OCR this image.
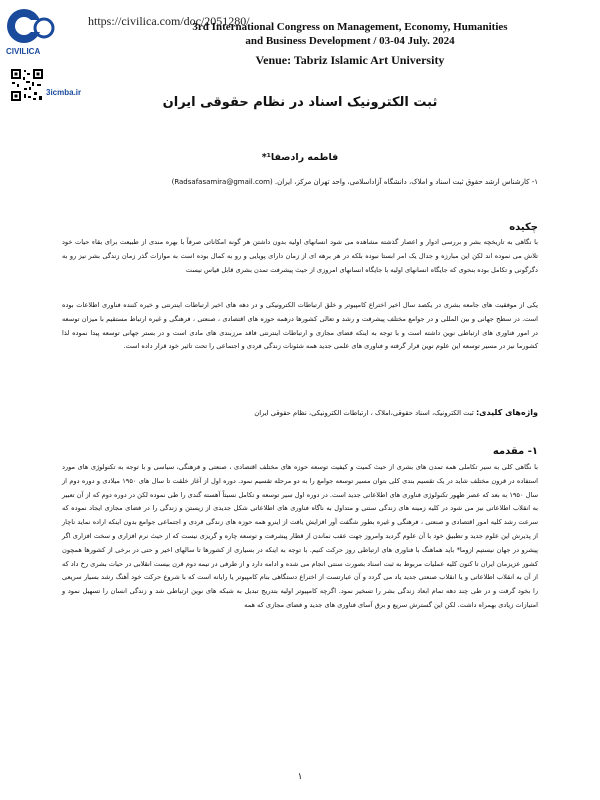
https://civilica.com/doc/2051280/
3rd International Congress on Management, Economy, Humanities
and Business Development / 03-04 July. 2024
Venue: Tabriz Islamic Art University
CIVILICA
3icmba.ir
ثبت الکترونیک اسناد در نظام حقوقی ایران
فاطمه رادصفا¹*
۱- کارشناس ارشد حقوق ثبت اسناد و املاک، دانشگاه آزاداسلامی، واحد تهران مرکز، ایران. (Radsafasamira@gmail.com)
چکیده
با نگاهی به تاریخچه بشر و بررسی ادوار و اعصار گذشته مشاهده می شود انسانهای اولیه بدون داشتن هر گونه امکاناتی صرفاً با بهره مندی از طبیعت برای بقاء حیات خود تلاش می نموده اند لکن این مبارزه و جدال یک امر ابستا نبوده بلکه در هر برهه ای از زمان دارای پویایی و رو به کمال بوده است به موازات گذر زمان زندگی بشر نیز رو به دگرگونی و تکامل بوده بنحوی که جایگاه انسانهای اولیه با جایگاه انسانهای امروزی از حیث پیشرفت تمدن بشری قابل قیاس نیست
یکی از موفقیت های جامعه بشری در یکصد سال اخیر اختراع کامپیوتر و خلق ارتباطات الکترونیکی و در دهه های اخیر ارتباطات اینترنتی و خیره کننده فناوری اطلاعات بوده است. در سطح جهانی و بین المللی و در جوامع مختلف پیشرفت و رشد و تعالی کشورها درهمه حوزه های اقتصادی ، صنعتی ، فرهنگی و غیره ارتباط مستقیم با میزان توسعه در امور فناوری های ارتباطی نوین داشته است و با توجه به اینکه فضای مجازی و ارتباطات اینترنتی فاقد مرزبندی های مادی است و در بستر جهانی توسعه پیدا نموده لذا کشورما نیز در مسیر توسعه این علوم نوین قرار گرفته و فناوری های علمی جدید همه شئونات زندگی فردی و اجتماعی را تحت تاثیر خود قرار داده است.
واژه‌های کلیدی: ثبت الکترونیک، اسناد حقوقی،املاک ، ارتباطات الکترونیکی، نظام حقوقی ایران
۱- مقدمه
با نگاهی کلی به سیر تکاملی همه تمدن های بشری از حیث کمیت و کیفیت توسعه حوزه های مختلف اقتصادی ، صنعتی و فرهنگی، سیاسی و با توجه به تکنولوژی های مورد استفاده در قرون مختلف شاید در یک تقسیم بندی کلی بتوان مسیر توسعه جوامع را به دو مرحله تقسیم نمود. دوره اول از آغاز خلقت تا سال های ۱۹۵۰ میلادی و دوره دوم از سال ۱۹۵۰ به بعد که عصر ظهور تکنولوژی فناوری های اطلاعاتی جدید است. در دوره اول سیر توسعه و تکامل نسبتاً آهسته گندی را طی نموده لکن در دوره دوم که از آن تعبیر به انقلاب اطلاعاتی نیز می شود در کلیه زمینه های زندگی سنتی و متداول به ناگاه فناوری های اطلاعاتی شکل جدیدی از زیستن و زندگی را در فضای مجازی ایجاد نموده که سرعت رشد کلیه امور اقتصادی و صنعتی ، فرهنگی و غیره بطور شگفت آور افزایش یافت از اینرو همه حوزه های زندگی فردی و اجتماعی جوامع بدون اینکه اراده نماید ناچار از پذیرش این علوم جدید و تطبیق خود با آن علوم گردید وامروز جهت عقب نماندن از قطار پیشرفت و توسعه چاره و گریزی نیست که از حیث نرم افزاری و سخت افزاری اگر پیشرو در جهان نیستیم ازوما* باید هماهنگ با فناوری های ارتباطی روز حرکت کنیم. با توجه به اینکه در بسیاری از کشورها تا سالهای اخیر و حتی در برخی از کشورها همچون کشور عزیزمان ایران تا کنون کلیه عملیات مربوط به ثبت اسناد بصورت سنتی انجام می شده و ادامه دارد و از طرفی در نیمه دوم قرن بیست انقلابی در حیات بشری رخ داد که از آن به انقلاب اطلاعاتی و یا انقلاب صنعتی جدید یاد می گردد و آن عبارتست از اختراع دستگاهی بنام کامپیوتر یا رایانه است که با شروع حرکت خود آهنگ رشد بسیار سریعی را بخود گرفت و در طی چند دهه تمام ابعاد زندگی بشر را تسخیر نمود. اگرچه کامپیوتر اولیه بتدریج تبدیل به شبکه های نوین ارتباطی شد و زندگی انسان را تسهیل نمود و امتیازات زیادی بهمراه داشت. لکن این گسترش سریع و برق آسای فناوری های جدید و فضای مجازی که همه
۱
